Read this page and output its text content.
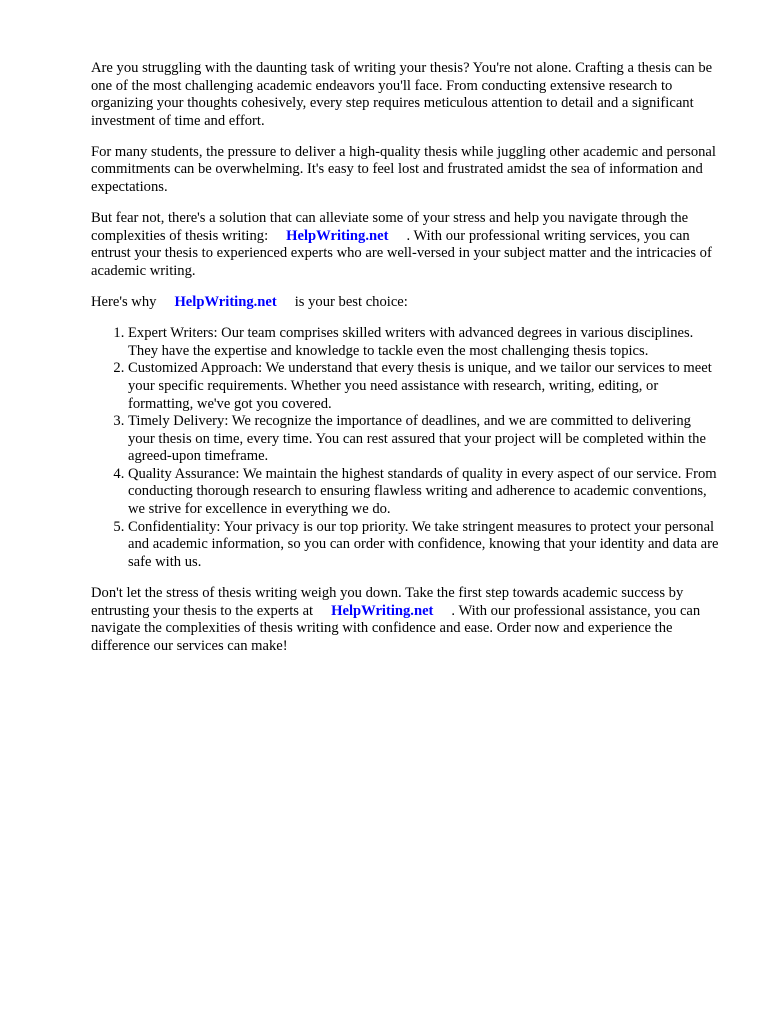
Are you struggling with the daunting task of writing your thesis? You're not alone. Crafting a thesis can be one of the most challenging academic endeavors you'll face. From conducting extensive research to organizing your thoughts cohesively, every step requires meticulous attention to detail and a significant investment of time and effort.

For many students, the pressure to deliver a high-quality thesis while juggling other academic and personal commitments can be overwhelming. It's easy to feel lost and frustrated amidst the sea of information and expectations.

But fear not, there's a solution that can alleviate some of your stress and help you navigate through the complexities of thesis writing: HelpWriting.net . With our professional writing services, you can entrust your thesis to experienced experts who are well-versed in your subject matter and the intricacies of academic writing.

Here's why HelpWriting.net is your best choice:

1. Expert Writers: Our team comprises skilled writers with advanced degrees in various disciplines. They have the expertise and knowledge to tackle even the most challenging thesis topics.
2. Customized Approach: We understand that every thesis is unique, and we tailor our services to meet your specific requirements. Whether you need assistance with research, writing, editing, or formatting, we've got you covered.
3. Timely Delivery: We recognize the importance of deadlines, and we are committed to delivering your thesis on time, every time. You can rest assured that your project will be completed within the agreed-upon timeframe.
4. Quality Assurance: We maintain the highest standards of quality in every aspect of our service. From conducting thorough research to ensuring flawless writing and adherence to academic conventions, we strive for excellence in everything we do.
5. Confidentiality: Your privacy is our top priority. We take stringent measures to protect your personal and academic information, so you can order with confidence, knowing that your identity and data are safe with us.

Don't let the stress of thesis writing weigh you down. Take the first step towards academic success by entrusting your thesis to the experts at HelpWriting.net . With our professional assistance, you can navigate the complexities of thesis writing with confidence and ease. Order now and experience the difference our services can make!
